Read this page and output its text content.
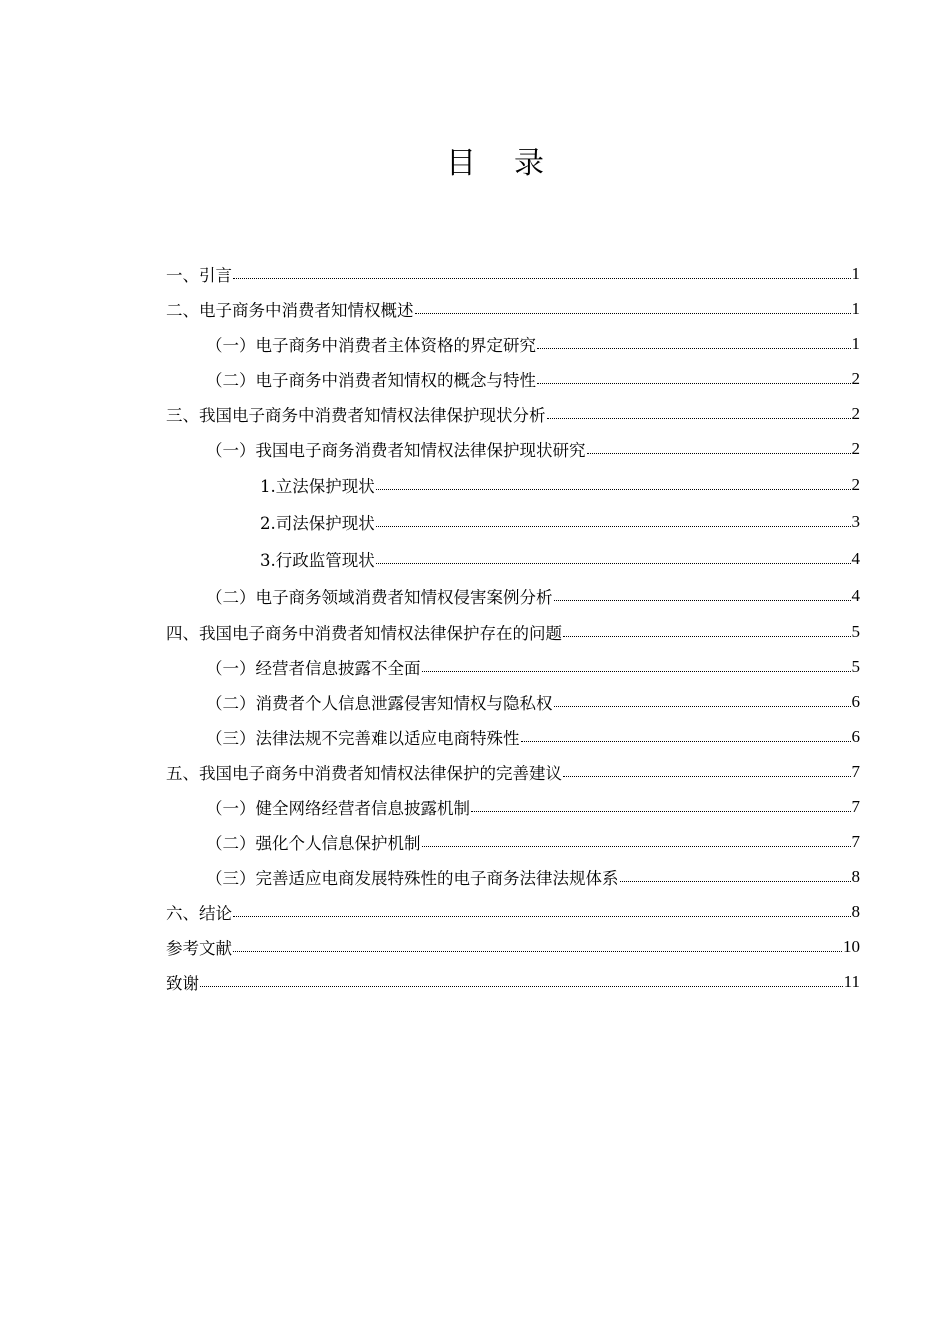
目 录
一、引言	1
二、电子商务中消费者知情权概述	1
（一）电子商务中消费者主体资格的界定研究	1
（二）电子商务中消费者知情权的概念与特性	2
三、我国电子商务中消费者知情权法律保护现状分析	2
（一）我国电子商务消费者知情权法律保护现状研究	2
1.立法保护现状	2
2.司法保护现状	3
3.行政监管现状	4
（二）电子商务领域消费者知情权侵害案例分析	4
四、我国电子商务中消费者知情权法律保护存在的问题	5
（一）经营者信息披露不全面	5
（二）消费者个人信息泄露侵害知情权与隐私权	6
（三）法律法规不完善难以适应电商特殊性	6
五、我国电子商务中消费者知情权法律保护的完善建议	7
（一）健全网络经营者信息披露机制	7
（二）强化个人信息保护机制	7
（三）完善适应电商发展特殊性的电子商务法律法规体系	8
六、结论	8
参考文献	10
致谢	11
